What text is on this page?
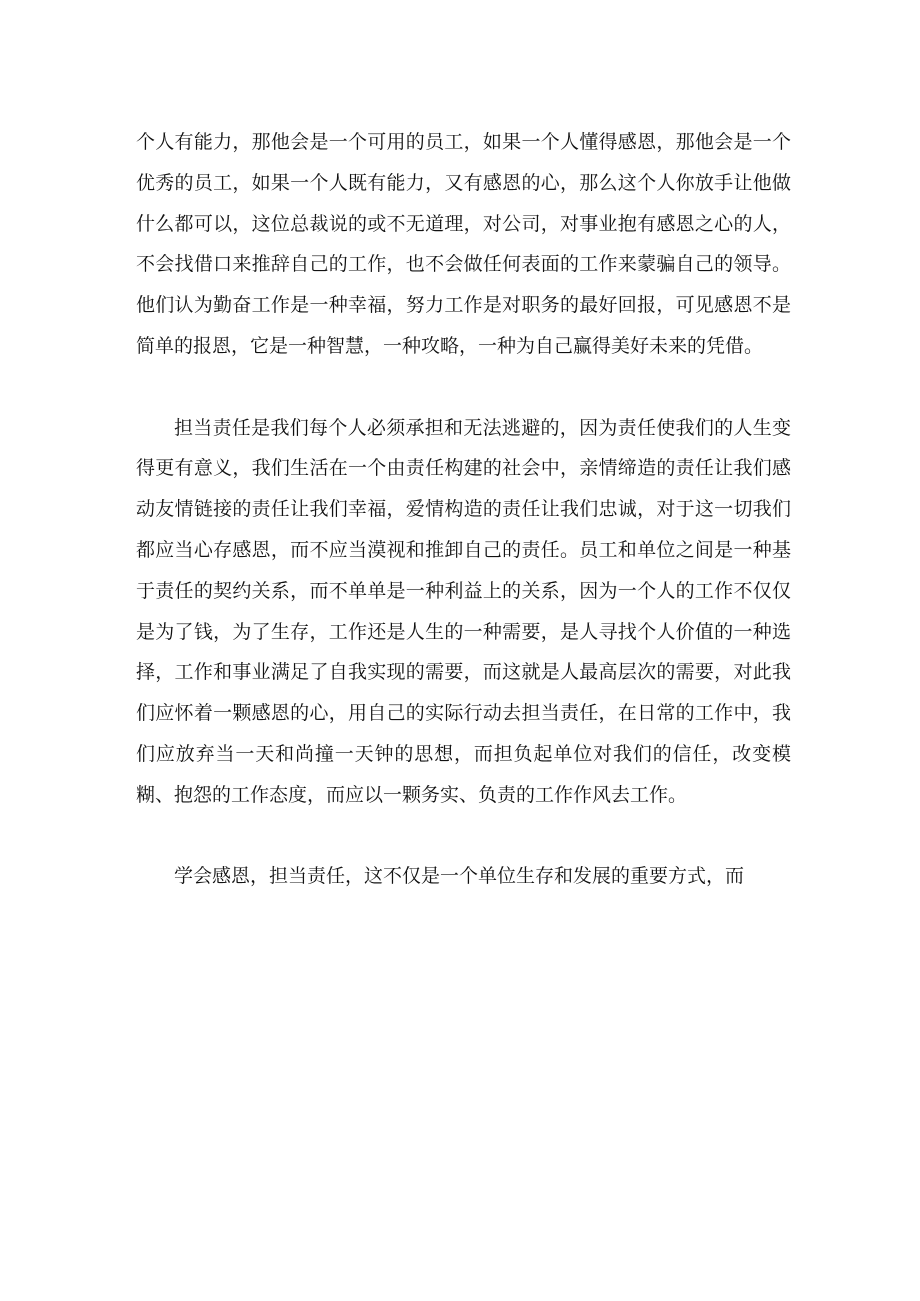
个人有能力，那他会是一个可用的员工，如果一个人懂得感恩，那他会是一个优秀的员工，如果一个人既有能力，又有感恩的心，那么这个人你放手让他做什么都可以，这位总裁说的或不无道理，对公司，对事业抱有感恩之心的人，不会找借口来推辞自己的工作，也不会做任何表面的工作来蒙骗自己的领导。他们认为勤奋工作是一种幸福，努力工作是对职务的最好回报，可见感恩不是简单的报恩，它是一种智慧，一种攻略，一种为自己赢得美好未来的凭借。

担当责任是我们每个人必须承担和无法逃避的，因为责任使我们的人生变得更有意义，我们生活在一个由责任构建的社会中，亲情缔造的责任让我们感动友情链接的责任让我们幸福，爱情构造的责任让我们忠诚，对于这一切我们都应当心存感恩，而不应当漠视和推卸自己的责任。员工和单位之间是一种基于责任的契约关系，而不单单是一种利益上的关系，因为一个人的工作不仅仅是为了钱，为了生存，工作还是人生的一种需要，是人寻找个人价值的一种选择，工作和事业满足了自我实现的需要，而这就是人最高层次的需要，对此我们应怀着一颗感恩的心，用自己的实际行动去担当责任，在日常的工作中，我们应放弃当一天和尚撞一天钟的思想，而担负起单位对我们的信任，改变模糊、抱怨的工作态度，而应以一颗务实、负责的工作作风去工作。

学会感恩，担当责任，这不仅是一个单位生存和发展的重要方式，而
